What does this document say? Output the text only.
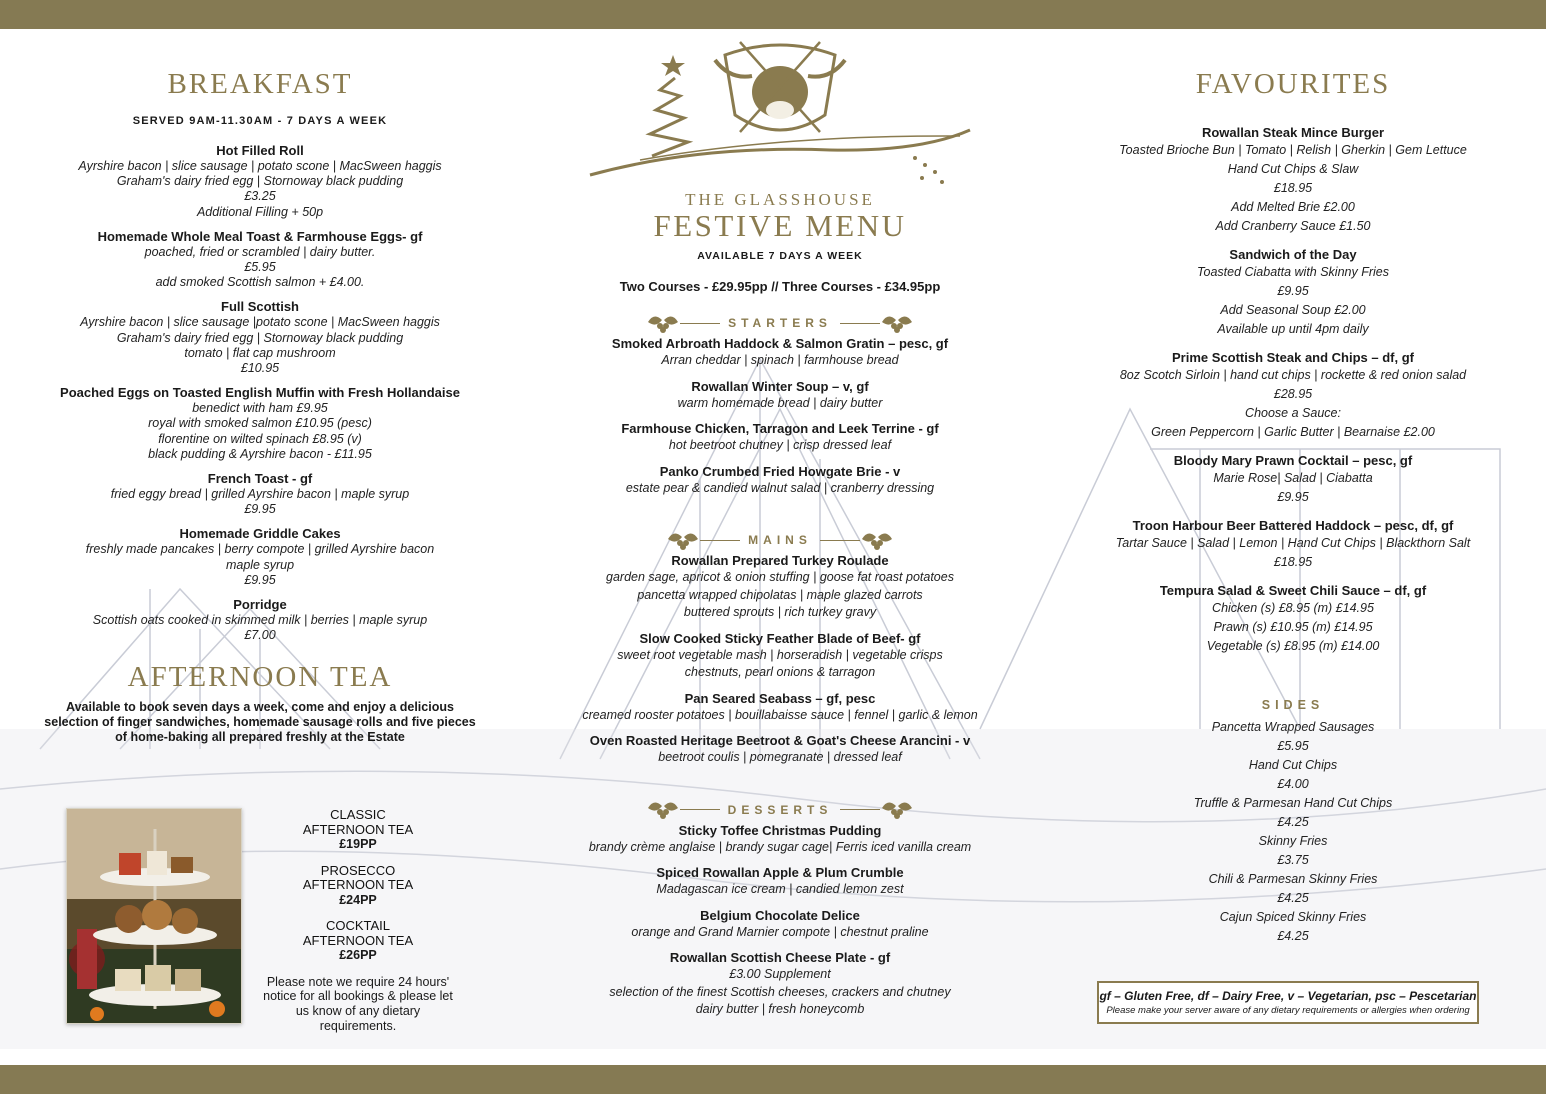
BREAKFAST
SERVED 9AM-11.30AM - 7 DAYS A WEEK
Hot Filled Roll
Ayrshire bacon | slice sausage | potato scone | MacSween haggis
Graham's dairy fried egg | Stornoway black pudding
£3.25
Additional Filling + 50p
Homemade Whole Meal Toast & Farmhouse Eggs- gf
poached, fried or scrambled | dairy butter.
£5.95
add smoked Scottish salmon + £4.00.
Full Scottish
Ayrshire bacon | slice sausage |potato scone | MacSween haggis
Graham's dairy fried egg | Stornoway black pudding
tomato | flat cap mushroom
£10.95
Poached Eggs on Toasted English Muffin with Fresh Hollandaise
benedict with ham £9.95
royal with smoked salmon £10.95 (pesc)
florentine on wilted spinach £8.95 (v)
black pudding & Ayrshire bacon - £11.95
French Toast - gf
fried eggy bread | grilled Ayrshire bacon | maple syrup
£9.95
Homemade Griddle Cakes
freshly made pancakes | berry compote | grilled Ayrshire bacon
maple syrup
£9.95
Porridge
Scottish oats cooked in skimmed milk | berries | maple syrup
£7.00
AFTERNOON TEA
Available to book seven days a week, come and enjoy a delicious selection of finger sandwiches, homemade sausage rolls and five pieces of home-baking all prepared freshly at the Estate
CLASSIC
AFTERNOON TEA
£19PP
PROSECCO
AFTERNOON TEA
£24PP
COCKTAIL
AFTERNOON TEA
£26PP
Please note we require 24 hours' notice for all bookings & please let us know of any dietary requirements.
THE GLASSHOUSE
FESTIVE MENU
AVAILABLE 7 DAYS A WEEK
Two Courses - £29.95pp // Three Courses - £34.95pp
STARTERS
Smoked Arbroath Haddock & Salmon Gratin – pesc, gf
Arran cheddar | spinach | farmhouse bread
Rowallan Winter Soup – v, gf
warm homemade bread | dairy butter
Farmhouse Chicken, Tarragon and Leek Terrine - gf
hot beetroot chutney | crisp dressed leaf
Panko Crumbed Fried Howgate Brie - v
estate pear & candied walnut salad | cranberry dressing
MAINS
Rowallan Prepared Turkey Roulade
garden sage, apricot & onion stuffing | goose fat roast potatoes
pancetta wrapped chipolatas | maple glazed carrots
buttered sprouts | rich turkey gravy
Slow Cooked Sticky Feather Blade of Beef- gf
sweet root vegetable mash | horseradish | vegetable crisps
chestnuts, pearl onions & tarragon
Pan Seared Seabass – gf, pesc
creamed rooster potatoes | bouillabaisse sauce | fennel | garlic & lemon
Oven Roasted Heritage Beetroot & Goat's Cheese Arancini - v
beetroot coulis | pomegranate | dressed leaf
DESSERTS
Sticky Toffee Christmas Pudding
brandy crème anglaise | brandy sugar cage| Ferris iced vanilla cream
Spiced Rowallan Apple & Plum Crumble
Madagascan ice cream | candied lemon zest
Belgium Chocolate Delice
orange and Grand Marnier compote | chestnut praline
Rowallan Scottish Cheese Plate - gf
£3.00 Supplement
selection of the finest Scottish cheeses, crackers and chutney
dairy butter | fresh honeycomb
FAVOURITES
Rowallan Steak Mince Burger
Toasted Brioche Bun | Tomato | Relish | Gherkin | Gem Lettuce
Hand Cut Chips & Slaw
£18.95
Add Melted Brie £2.00
Add Cranberry Sauce £1.50
Sandwich of the Day
Toasted Ciabatta with Skinny Fries
£9.95
Add Seasonal Soup £2.00
Available up until 4pm daily
Prime Scottish Steak and Chips – df, gf
8oz Scotch Sirloin | hand cut chips | rockette & red onion salad
£28.95
Choose a Sauce:
Green Peppercorn | Garlic Butter | Bearnaise £2.00
Bloody Mary Prawn Cocktail – pesc, gf
Marie Rose| Salad | Ciabatta
£9.95
Troon Harbour Beer Battered Haddock – pesc, df, gf
Tartar Sauce | Salad | Lemon | Hand Cut Chips | Blackthorn Salt
£18.95
Tempura Salad & Sweet Chili Sauce – df, gf
Chicken (s) £8.95 (m) £14.95
Prawn (s) £10.95 (m) £14.95
Vegetable (s) £8.95 (m) £14.00
SIDES
Pancetta Wrapped Sausages
£5.95
Hand Cut Chips
£4.00
Truffle & Parmesan Hand Cut Chips
£4.25
Skinny Fries
£3.75
Chili & Parmesan Skinny Fries
£4.25
Cajun Spiced Skinny Fries
£4.25
gf – Gluten Free, df – Dairy Free, v – Vegetarian, psc – Pescetarian
Please make your server aware of any dietary requirements or allergies when ordering
